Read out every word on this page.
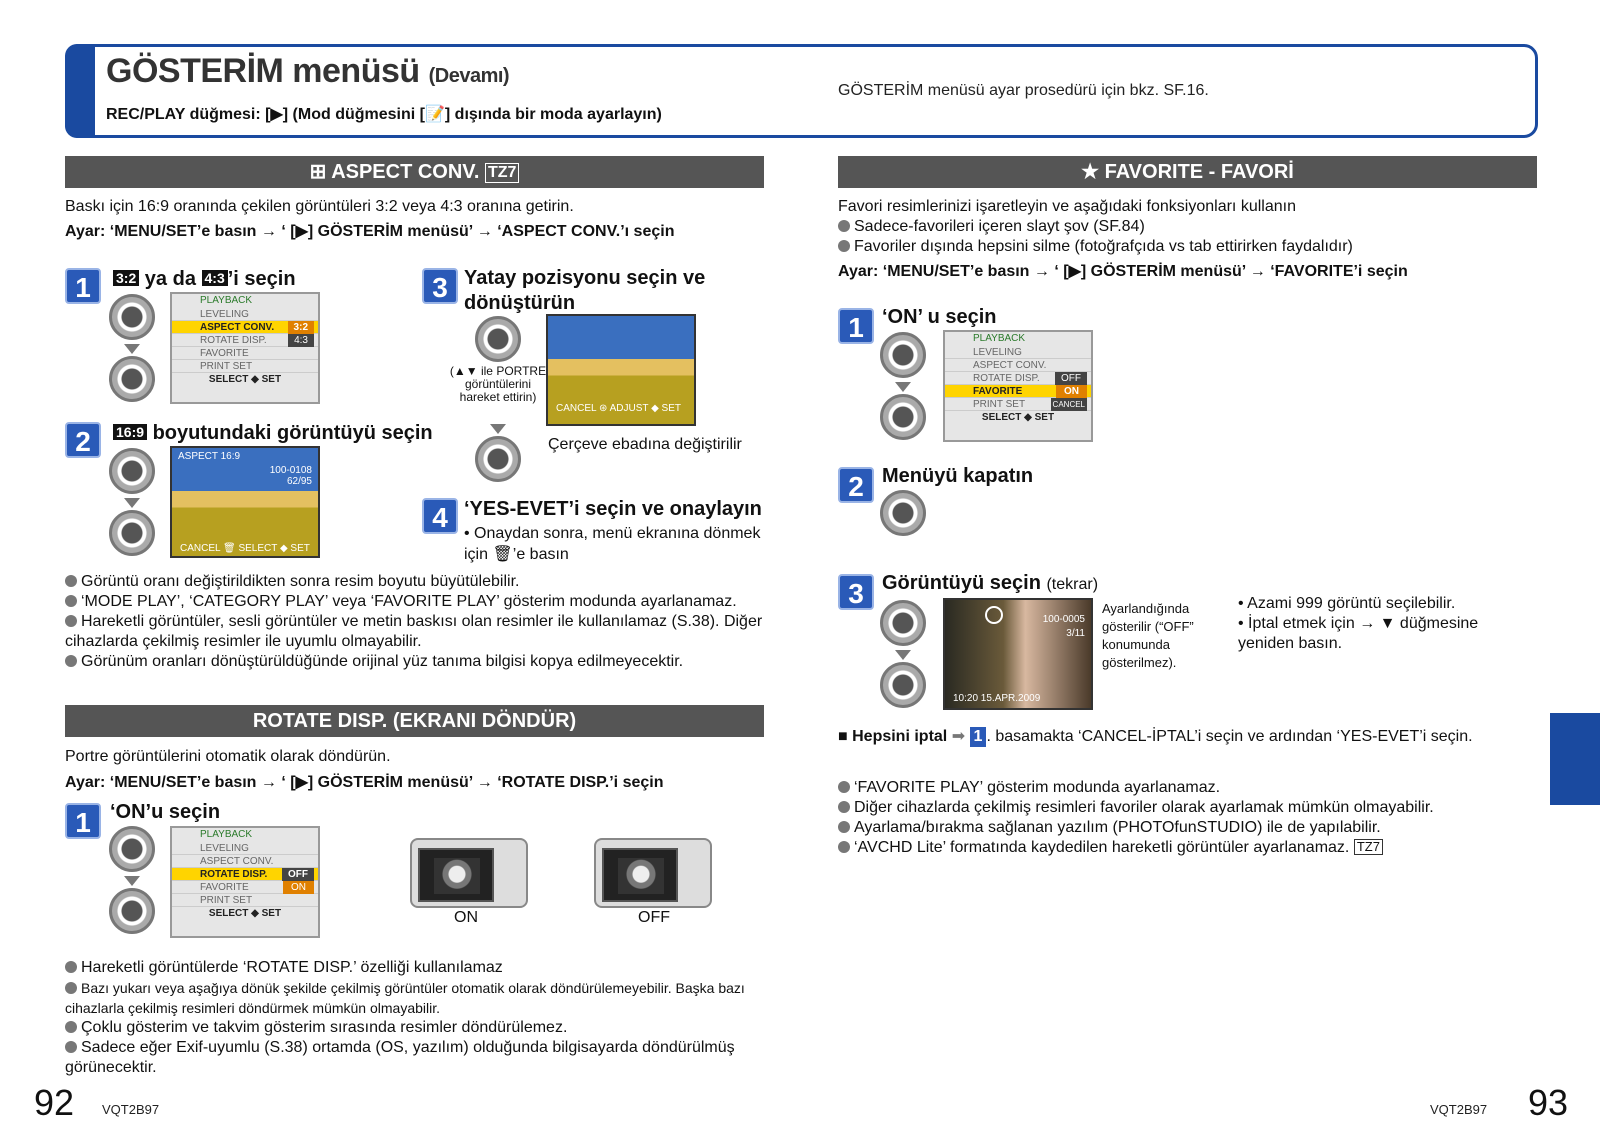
GÖSTERİM menüsü (Devamı)
REC/PLAY düğmesi: [▶] (Mod düğmesini [📝] dışında bir moda ayarlayın)
GÖSTERİM menüsü ayar prosedürü için bkz. SF.16.
⊞ ASPECT CONV. TZ7
Baskı için 16:9 oranında çekilen görüntüleri 3:2 veya 4:3 oranına getirin.
Ayar: ‘MENU/SET’e basın → ‘ [▶] GÖSTERİM menüsü’ → ‘ASPECT CONV.’ı seçin
1	3:2 ya da 4:3 ’i seçin
PLAYBACK
LEVELING
ASPECT CONV.	3:2
ROTATE DISP.	4:3
FAVORITE
PRINT SET
SELECT ◆ SET
2	16:9 boyutundaki görüntüyü seçin
ASPECT 16:9
100-0108
62/95
CANCEL 🗑 SELECT ◆ SET
3 Yatay pozisyonu seçin ve dönüştürün
(▲▼ ile PORTRE görüntülerini hareket ettirin)
CANCEL ⊛ ADJUST ◆ SET
Çerçeve ebadına değiştirilir
4 ‘YES-EVET’i seçin ve onaylayın
• Onaydan sonra, menü ekranına dönmek için 🗑’e basın
Görüntü oranı değiştirildikten sonra resim boyutu büyütülebilir.
‘MODE PLAY’, ‘CATEGORY PLAY’ veya ‘FAVORITE PLAY’ gösterim modunda ayarlanamaz.
Hareketli görüntüler, sesli görüntüler ve metin baskısı olan resimler ile kullanılamaz (S.38). Diğer cihazlarda çekilmiş resimler ile uyumlu olmayabilir.
Görünüm oranları dönüştürüldüğünde orijinal yüz tanıma bilgisi kopya edilmeyecektir.
ROTATE DISP. (EKRANI DÖNDÜR)
Portre görüntülerini otomatik olarak döndürün.
Ayar: ‘MENU/SET’e basın → ‘ [▶] GÖSTERİM menüsü’ → ‘ROTATE DISP.’i seçin
1 ‘ON’u seçin
PLAYBACK
LEVELING
ASPECT CONV.
ROTATE DISP.	OFF
FAVORITE	ON
PRINT SET
SELECT ◆ SET	ON	OFF
Hareketli görüntülerde ‘ROTATE DISP.’ özelliği kullanılamaz
Bazı yukarı veya aşağıya dönük şekilde çekilmiş görüntüler otomatik olarak döndürülemeyebilir. Başka bazı cihazlarla çekilmiş resimleri döndürmek mümkün olmayabilir.
Çoklu gösterim ve takvim gösterim sırasında resimler döndürülemez.
Sadece eğer Exif-uyumlu (S.38) ortamda (OS, yazılım) olduğunda bilgisayarda döndürülmüş görünecektir.
★ FAVORITE - FAVORİ
Favori resimlerinizi işaretleyin ve aşağıdaki fonksiyonları kullanın
Sadece-favorileri içeren slayt şov (SF.84)
Favoriler dışında hepsini silme (fotoğrafçıda vs tab ettirirken faydalıdır)
Ayar: ‘MENU/SET’e basın → ‘ [▶] GÖSTERİM menüsü’ → ‘FAVORITE’i seçin
1 ‘ON’ u seçin
PLAYBACK
LEVELING
ASPECT CONV.
ROTATE DISP.	OFF
FAVORITE	ON
PRINT SET	CANCEL
SELECT ◆ SET
2 Menüyü kapatın
3 Görüntüyü seçin (tekrar)
100-0005
3/11
10:20 15.APR.2009
Ayarlandığında gösterilir (“OFF” konumunda gösterilmez).
• Azami 999 görüntü seçilebilir.
• İptal etmek için → ▼ düğmesine yeniden basın.
■ Hepsini iptal ➡ 1 . basamakta ‘CANCEL-İPTAL’i seçin ve ardından ‘YES-EVET’i seçin.
‘FAVORITE PLAY’ gösterim modunda ayarlanamaz.
Diğer cihazlarda çekilmiş resimleri favoriler olarak ayarlamak mümkün olmayabilir.
Ayarlama/bırakma sağlanan yazılım (PHOTOfunSTUDIO) ile de yapılabilir.
‘AVCHD Lite’ formatında kaydedilen hareketli görüntüler ayarlanamaz. TZ7
92 VQT2B97	VQT2B97 93
